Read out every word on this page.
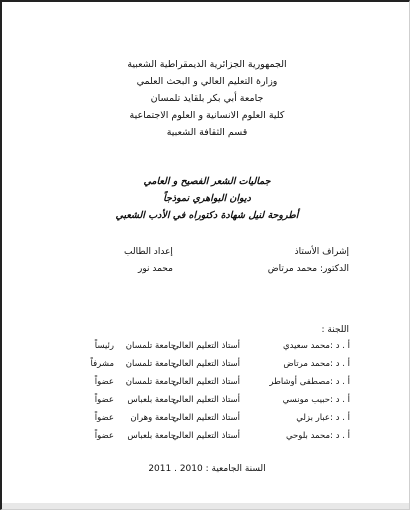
الجمهورية الجزائرية الديمقراطية الشعبية
وزارة التعليم العالي و البحث العلمي
جامعة أبي بكر بلقايد تلمسان
كلية العلوم الانسانية و العلوم الاجتماعية
قسم الثقافة الشعبية
جماليات الشعر الفصيح و العامي
ديوان البواهري نموذجاً
أطروحة لنيل شهادة دكتوراه في الأدب الشعبي
إشراف الأستاذ
إعداد الطالب
الدكتور: محمد مرتاض
محمد نور
اللجنة :
أ . د :
محمد سعيدي
أستاذ التعليم العالي
جامعة تلمسان
رئيساً
أ . د :
محمد مرتاض
أستاذ التعليم العالي
جامعة تلمسان
مشرفاً
أ . د :
مصطفى أوشاطر
أستاذ التعليم العالي
جامعة تلمسان
عضواً
أ . د :
حبيب مونسي
أستاذ التعليم العالي
جامعة بلعباس
عضواً
أ . د :
عبار بزلي
أستاذ التعليم العالي
جامعة وهران
عضواً
أ . د :
محمد بلوحي
أستاذ التعليم العالي
جامعة بلعباس
عضواً
السنة الجامعية : 2010 . 2011
